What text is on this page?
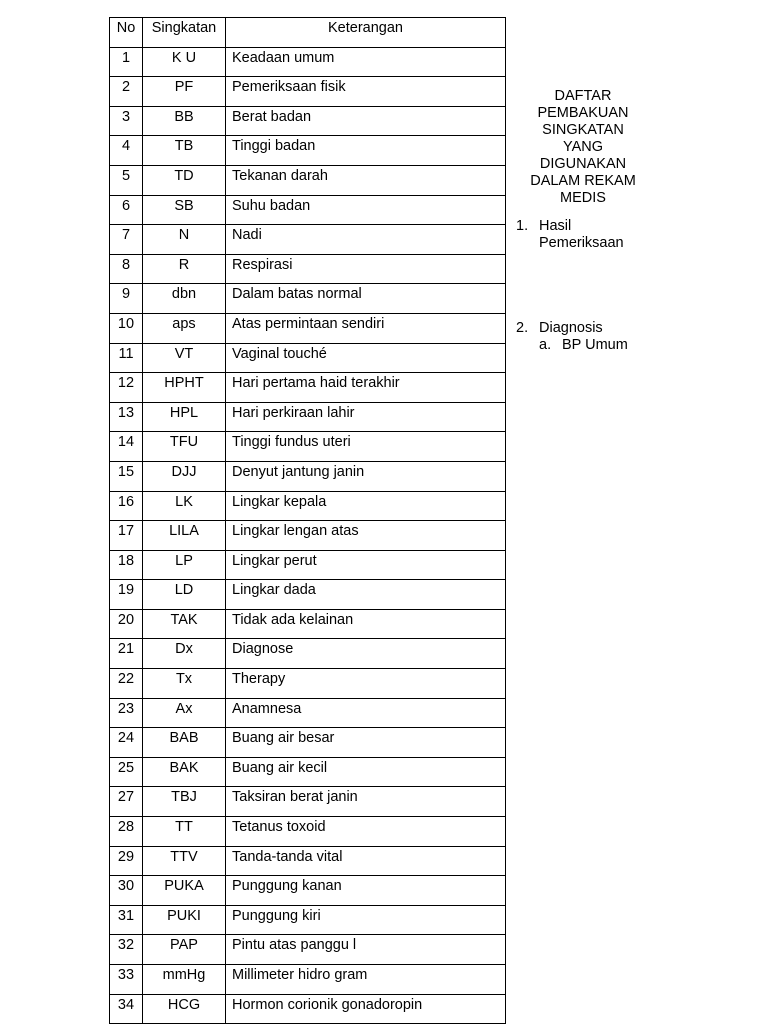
No	Singkatan	Keterangan
1	K U	Keadaan umum
2	PF	Pemeriksaan fisik
3	BB	Berat badan
4	TB	Tinggi badan
5	TD	Tekanan darah
6	SB	Suhu badan
7	N	Nadi
8	R	Respirasi
9	dbn	Dalam batas normal
10	aps	Atas permintaan sendiri
11	VT	Vaginal touché
12	HPHT	Hari pertama haid terakhir
13	HPL	Hari perkiraan lahir
14	TFU	Tinggi fundus uteri
15	DJJ	Denyut jantung janin
16	LK	Lingkar kepala
17	LILA	Lingkar lengan atas
18	LP	Lingkar perut
19	LD	Lingkar dada
20	TAK	Tidak ada kelainan
21	Dx	Diagnose
22	Tx	Therapy
23	Ax	Anamnesa
24	BAB	Buang air besar
25	BAK	Buang air kecil
27	TBJ	Taksiran berat janin
28	TT	Tetanus toxoid
29	TTV	Tanda-tanda vital
30	PUKA	Punggung kanan
31	PUKI	Punggung kiri
32	PAP	Pintu atas panggu l
33	mmHg	Millimeter hidro gram
34	HCG	Hormon corionik gonadoropin
DAFTAR
PEMBAKUAN
SINGKATAN
YANG
DIGUNAKAN
DALAM REKAM
MEDIS
1. Hasil
Pemeriksaan
2. Diagnosis
a. BP Umum
